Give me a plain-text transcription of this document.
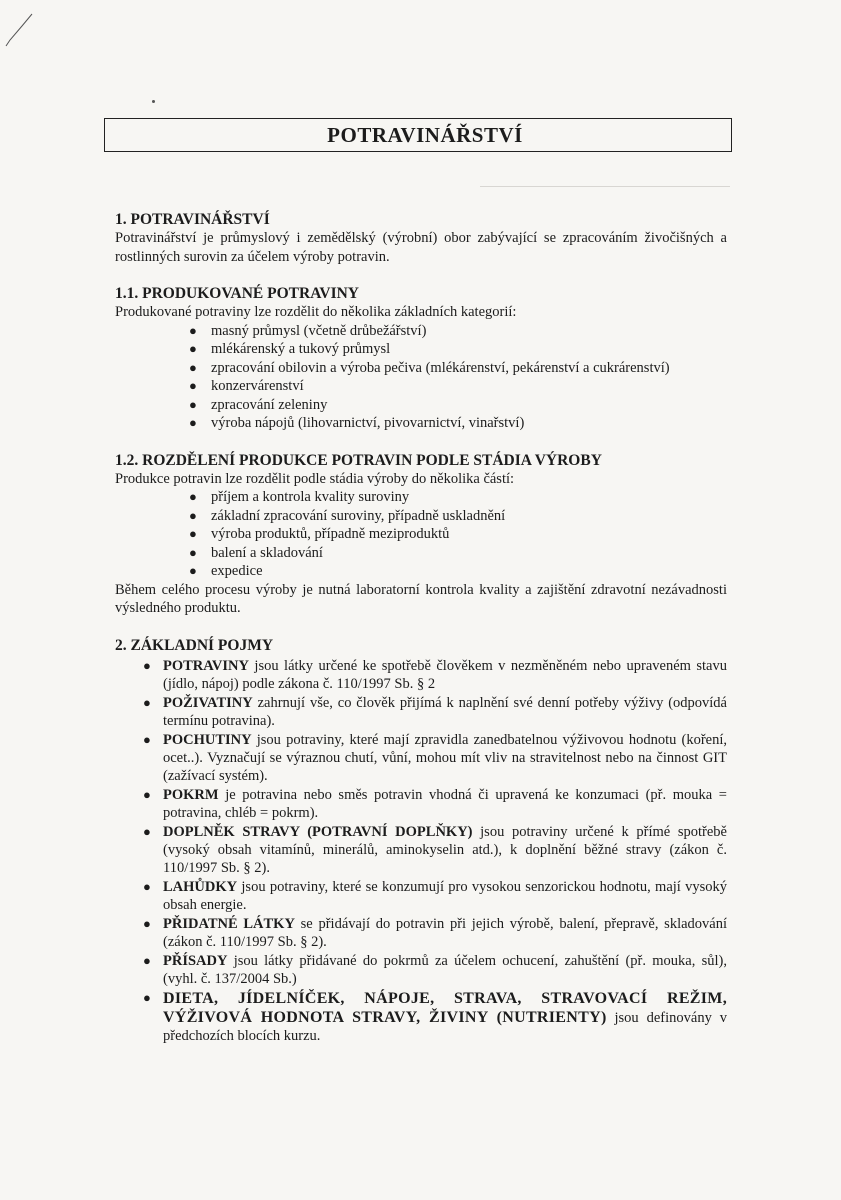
POTRAVINÁŘSTVÍ

1. POTRAVINÁŘSTVÍ

Potravinářství je průmyslový i zemědělský (výrobní) obor zabývající se zpracováním živočišných a rostlinných surovin za účelem výroby potravin.

1.1. PRODUKOVANÉ POTRAVINY

Produkované potraviny lze rozdělit do několika základních kategorií:

● masný průmysl (včetně drůbežářství)
● mlékárenský a tukový průmysl
● zpracování obilovin a výroba pečiva (mlékárenství, pekárenství a cukrárenství)
● konzervárenství
● zpracování zeleniny
● výroba nápojů (lihovarnictví, pivovarnictví, vinařství)

1.2. ROZDĚLENÍ PRODUKCE POTRAVIN PODLE STÁDIA VÝROBY

Produkce potravin lze rozdělit podle stádia výroby do několika částí:

● příjem a kontrola kvality suroviny
● základní zpracování suroviny, případně uskladnění
● výroba produktů, případně meziproduktů
● balení a skladování
● expedice

Během celého procesu výroby je nutná laboratorní kontrola kvality a zajištění zdravotní nezávadnosti výsledného produktu.

2. ZÁKLADNÍ POJMY

● POTRAVINY jsou látky určené ke spotřebě člověkem v nezměněném nebo upraveném stavu (jídlo, nápoj) podle zákona č. 110/1997 Sb. § 2
● POŽIVATINY zahrnují vše, co člověk přijímá k naplnění své denní potřeby výživy (odpovídá termínu potravina).
● POCHUTINY jsou potraviny, které mají zpravidla zanedbatelnou výživovou hodnotu (koření, ocet..). Vyznačují se výraznou chutí, vůní, mohou mít vliv na stravitelnost nebo na činnost GIT (zažívací systém).
● POKRM je potravina nebo směs potravin vhodná či upravená ke konzumaci (př. mouka = potravina, chléb = pokrm).
● DOPLNĚK STRAVY (POTRAVNÍ DOPLŇKY) jsou potraviny určené k přímé spotřebě (vysoký obsah vitamínů, minerálů, aminokyselin atd.), k doplnění běžné stravy (zákon č. 110/1997 Sb. § 2).
● LAHŮDKY jsou potraviny, které se konzumují pro vysokou senzorickou hodnotu, mají vysoký obsah energie.
● PŘIDATNÉ LÁTKY se přidávají do potravin při jejich výrobě, balení, přepravě, skladování (zákon č. 110/1997 Sb. § 2).
● PŘÍSADY jsou látky přidávané do pokrmů za účelem ochucení, zahuštění (př. mouka, sůl), (vyhl. č. 137/2004 Sb.)
● DIETA, JÍDELNÍČEK, NÁPOJE, STRAVA, STRAVOVACÍ REŽIM, VÝŽIVOVÁ HODNOTA STRAVY, ŽIVINY (NUTRIENTY) jsou definovány v předchozích blocích kurzu.
